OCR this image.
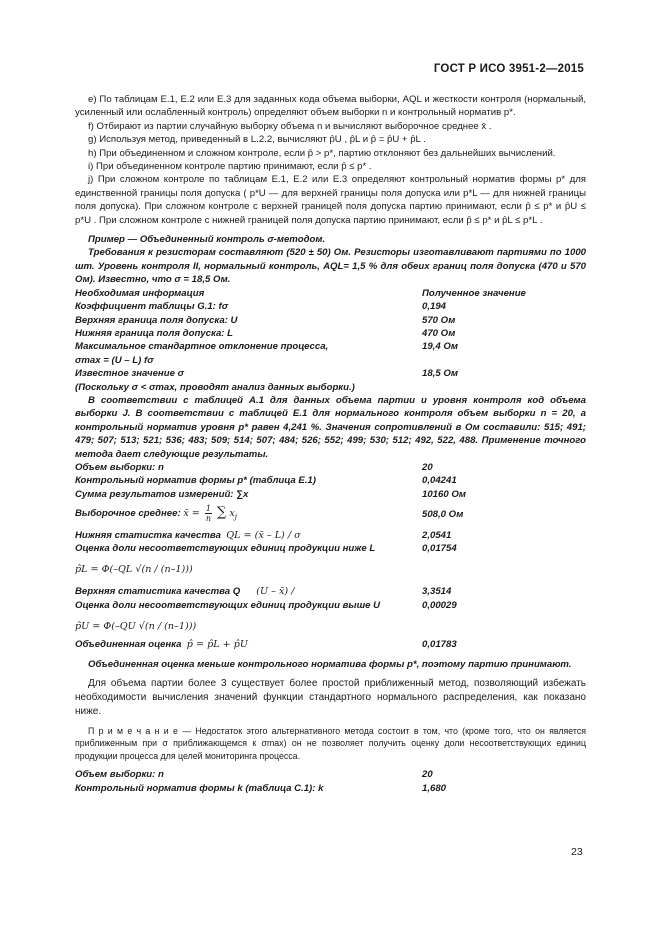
ГОСТ Р ИСО 3951-2—2015

e) По таблицам Е.1, Е.2 или Е.3 для заданных кода объема выборки, AQL и жесткости контроля (нормальный, усиленный или ослабленный контроль) определяют объем выборки n и контрольный норматив p*.

f) Отбирают из партии случайную выборку объема n и вычисляют выборочное среднее x̄ .

g) Используя метод, приведенный в L.2.2, вычисляют p̂U , p̂L и p̂ = p̂U + p̂L .

h) При объединенном и сложном контроле, если p̂ > p*, партию отклоняют без дальнейших вычислений.

i) При объединенном контроле партию принимают, если p̂ ≤ p* .

j) При сложном контроле по таблицам Е.1, Е.2 или Е.3 определяют контрольный норматив формы p* для единственной границы поля допуска ( p*U — для верхней границы поля допуска или p*L — для нижней границы поля допуска). При сложном контроле с верхней границей поля допуска партию принимают, если p̂ ≤ p* и p̂U ≤ p*U . При сложном контроле с нижней границей поля допуска партию принимают, если p̂ ≤ p* и p̂L ≤ p*L .

Пример — Объединенный контроль σ-методом.

Требования к резисторам составляют (520 ± 50) Ом. Резисторы изготавливают партиями по 1000 шт. Уровень контроля II, нормальный контроль, AQL= 1,5 % для обеих границ поля допуска (470 и 570 Ом). Известно, что σ = 18,5 Ом.

Необходимая информация	Полученное значение
Коэффициент таблицы G.1: fσ	0,194
Верхняя граница поля допуска: U	570 Ом
Нижняя граница поля допуска: L	470 Ом
Максимальное стандартное отклонение процесса,	19,4 Ом
σmax = (U – L) fσ
Известное значение σ	18,5 Ом

(Поскольку σ < σmax, проводят анализ данных выборки.)

В соответствии с таблицей А.1 для данных объема партии и уровня контроля код объема выборки J. В соответствии с таблицей Е.1 для нормального контроля объем выборки n = 20, а контрольный норматив уровня p* равен 4,241 %. Значения сопротивлений в Ом составили: 515; 491; 479; 507; 513; 521; 536; 483; 509; 514; 507; 484; 526; 552; 499; 530; 512; 492, 522, 488. Применение точного метода дает следующие результаты.

Объем выборки: n	20
Контрольный норматив формы p* (таблица Е.1)	0,04241
Сумма результатов измерений: ∑x	10160 Ом
Выборочное среднее: x̄ = $\frac{1}{n}$ ∑ $x_j$	508,0 Ом
Нижняя статистка качества QL = (x̄ – L) / σ	2,0541
Оценка доли несоответствующих единиц продукции ниже L	0,01754
p̂L = Φ(–QL √(n / (n–1)))
Верхняя статистика качества Q (U – x̄) /	3,3514
Оценка доли несоответствующих единиц продукции выше U	0,00029
p̂U = Φ(–QU √(n / (n–1)))
Объединенная оценка p̂ = p̂L + p̂U	0,01783

Объединенная оценка меньше контрольного норматива формы p*, поэтому партию принимают.

Для объема партии более 3 существует более простой приближенный метод, позволяющий избежать необходимости вычисления значений функции стандартного нормального распределения, как показано ниже.

П р и м е ч а н и е — Недостаток этого альтернативного метода состоит в том, что (кроме того, что он является приближенным при σ приближающемся к σmax) он не позволяет получить оценку доли несоответствующих единиц продукции процесса для целей мониторинга процесса.

Объем выборки: n	20
Контрольный норматив формы k (таблица С.1): k	1,680
23
